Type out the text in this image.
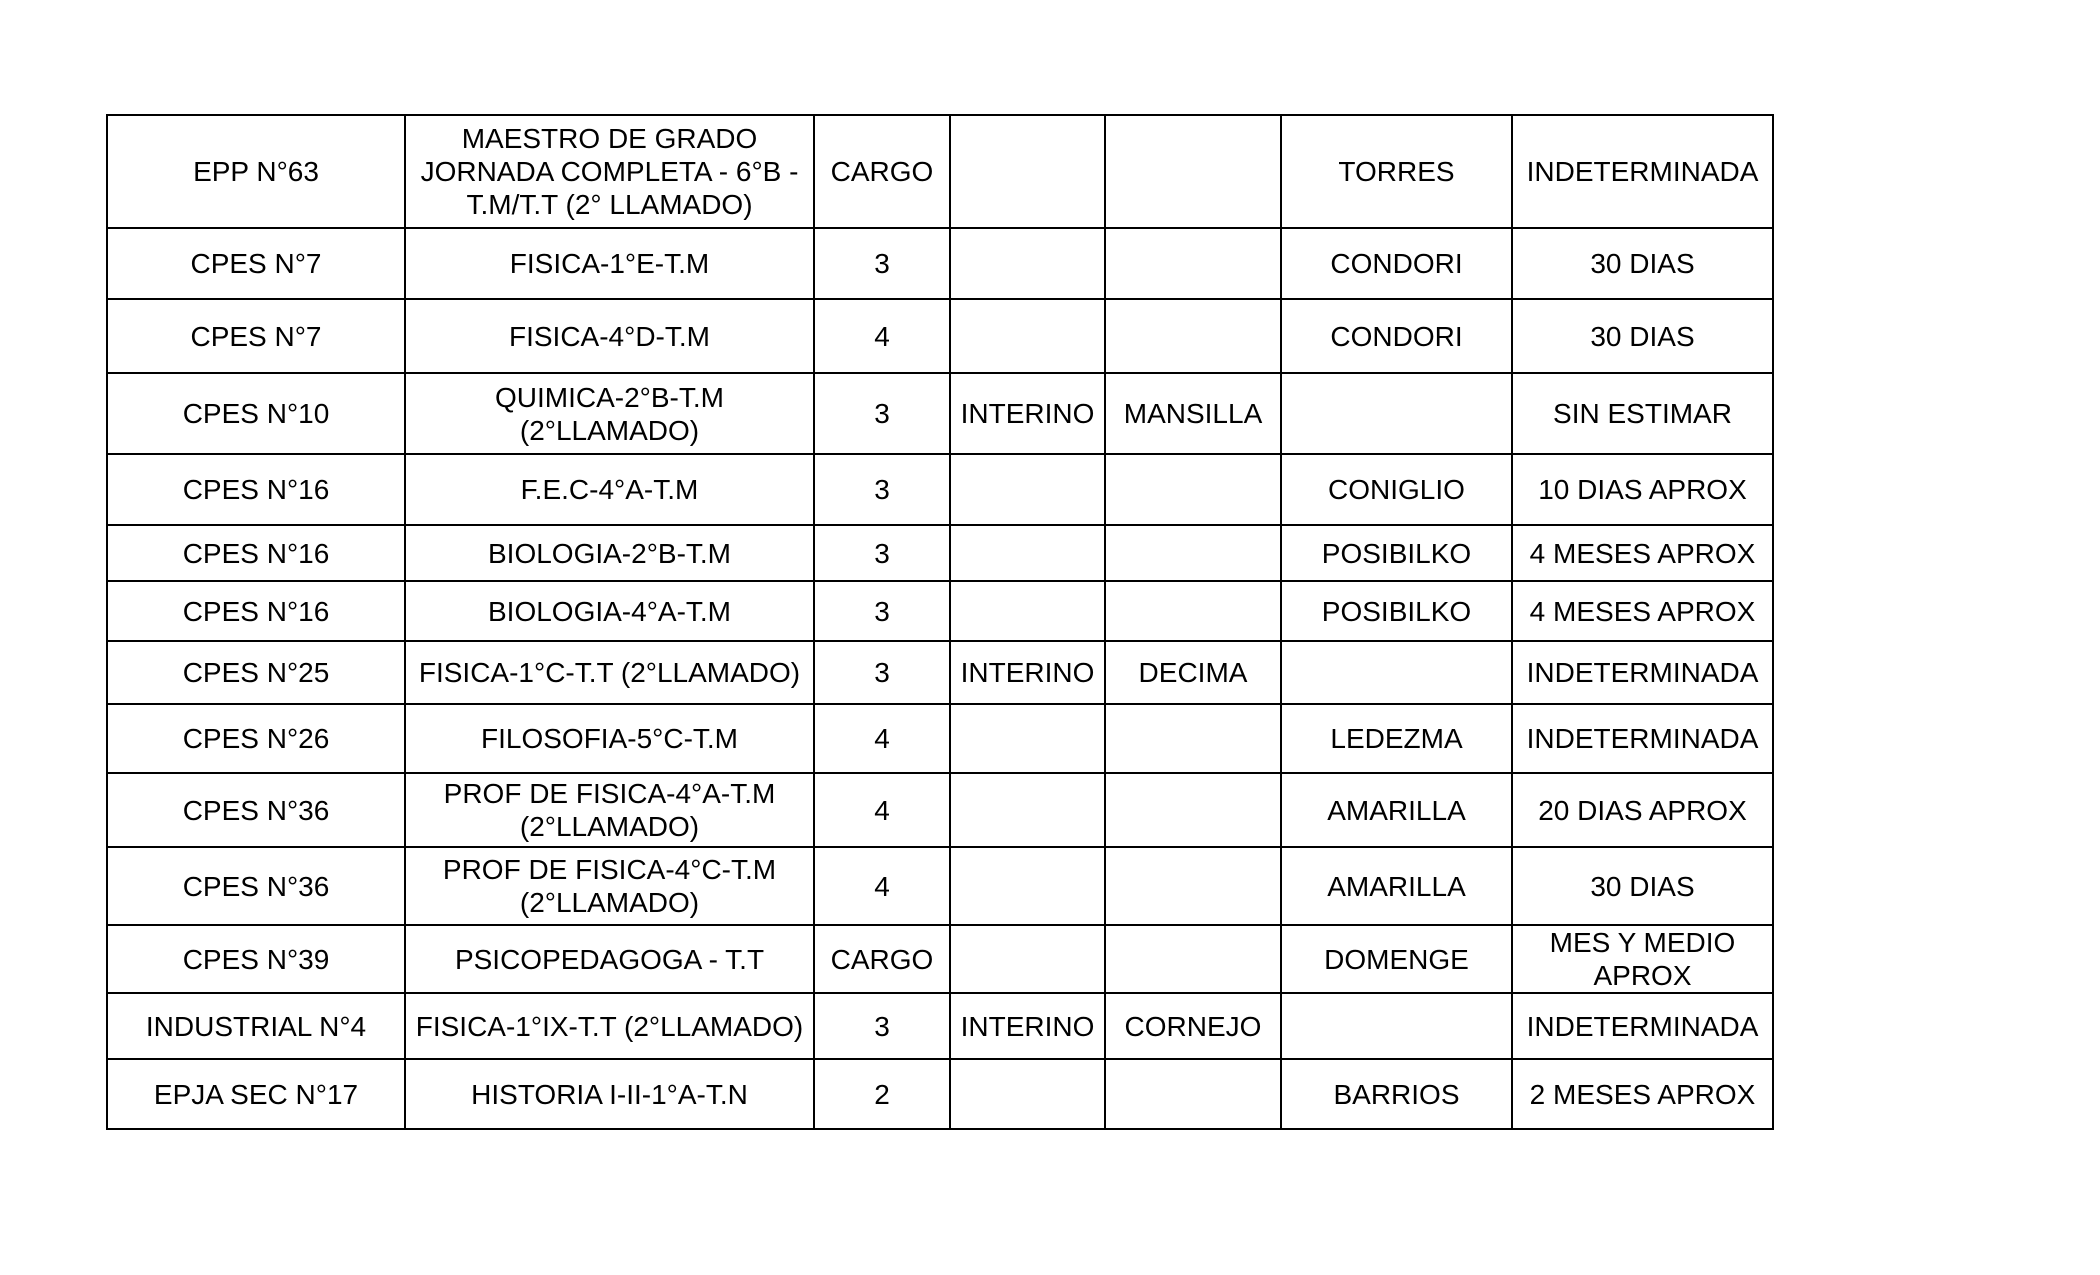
EPP N°63	MAESTRO DE GRADO JORNADA COMPLETA - 6°B - T.M/T.T (2° LLAMADO)	CARGO			TORRES	INDETERMINADA
CPES N°7	FISICA-1°E-T.M	3			CONDORI	30 DIAS
CPES N°7	FISICA-4°D-T.M	4			CONDORI	30 DIAS
CPES N°10	QUIMICA-2°B-T.M (2°LLAMADO)	3	INTERINO	MANSILLA		SIN ESTIMAR
CPES N°16	F.E.C-4°A-T.M	3			CONIGLIO	10 DIAS APROX
CPES N°16	BIOLOGIA-2°B-T.M	3			POSIBILKO	4 MESES APROX
CPES N°16	BIOLOGIA-4°A-T.M	3			POSIBILKO	4 MESES APROX
CPES N°25	FISICA-1°C-T.T (2°LLAMADO)	3	INTERINO	DECIMA		INDETERMINADA
CPES N°26	FILOSOFIA-5°C-T.M	4			LEDEZMA	INDETERMINADA
CPES N°36	PROF DE FISICA-4°A-T.M (2°LLAMADO)	4			AMARILLA	20 DIAS APROX
CPES N°36	PROF DE FISICA-4°C-T.M (2°LLAMADO)	4			AMARILLA	30 DIAS
CPES N°39	PSICOPEDAGOGA - T.T	CARGO			DOMENGE	MES Y MEDIO APROX
INDUSTRIAL N°4	FISICA-1°IX-T.T (2°LLAMADO)	3	INTERINO	CORNEJO		INDETERMINADA
EPJA SEC N°17	HISTORIA I-II-1°A-T.N	2			BARRIOS	2 MESES APROX
